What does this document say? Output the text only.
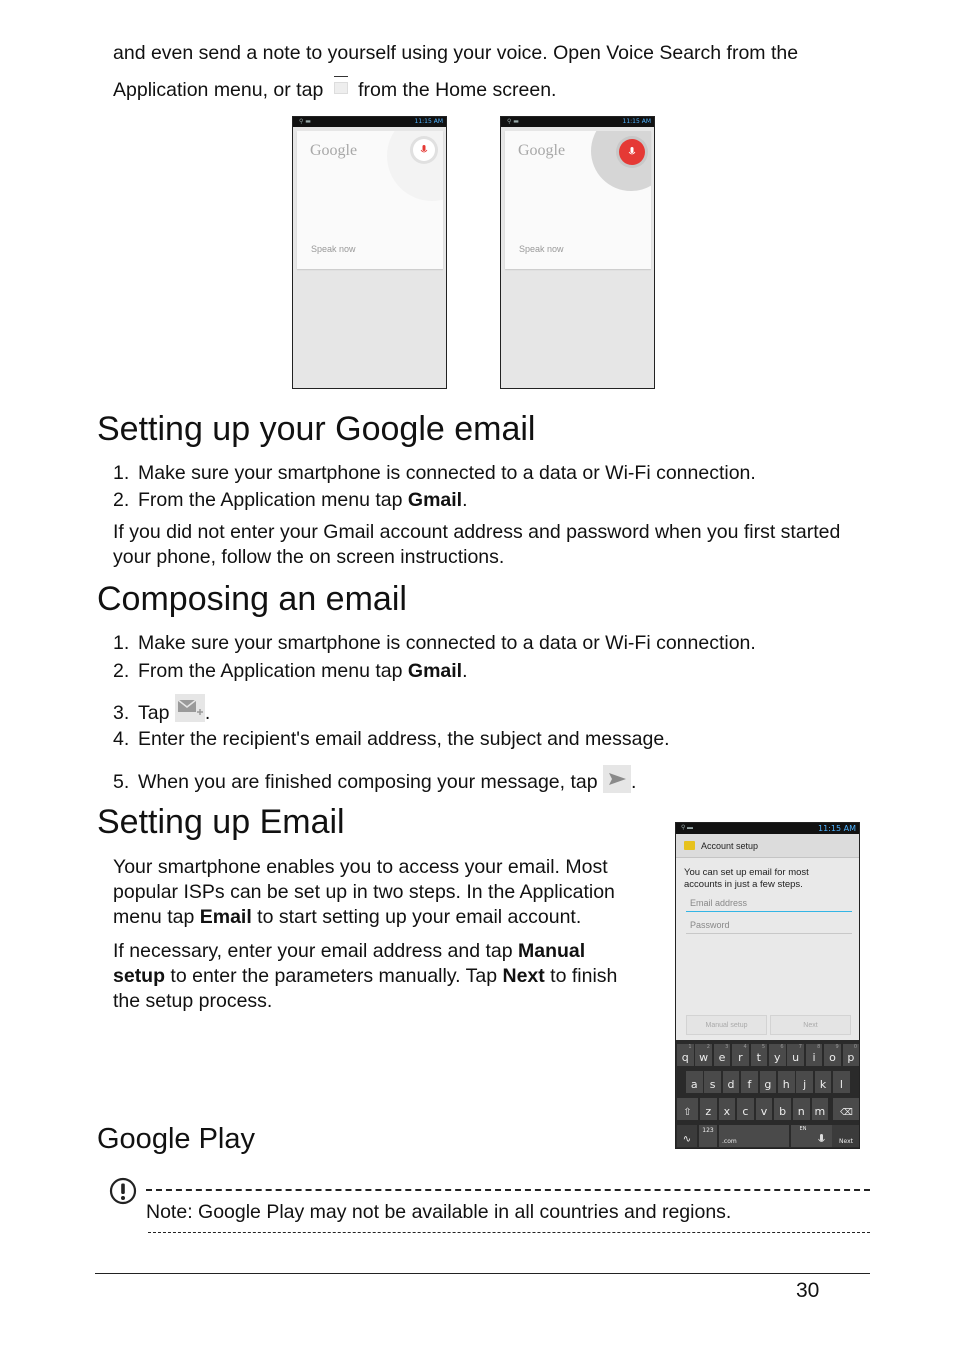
and even send a note to yourself using your voice. Open Voice Search from the
Application menu, or tap from the Home screen.
⚲ ▬	11:15 AM
Google
Speak now
⚲ ▬	11:15 AM
Google
Speak now
Setting up your Google email
1. Make sure your smartphone is connected to a data or Wi-Fi connection.
2. From the Application menu tap Gmail.
If you did not enter your Gmail account address and password when you first started
your phone, follow the on screen instructions.
Composing an email
1. Make sure your smartphone is connected to a data or Wi-Fi connection.
2. From the Application menu tap Gmail.
3. Tap .
4. Enter the recipient's email address, the subject and message.
5. When you are finished composing your message, tap .
Setting up Email
Your smartphone enables you to access your email. Most
popular ISPs can be set up in two steps. In the Application
menu tap Email to start setting up your email account.
If necessary, enter your email address and tap Manual
setup to enter the parameters manually. Tap Next to finish
the setup process.
⚲ ▬	11:15 AM
Account setup
You can set up email for most
accounts in just a few steps.
Email address
Password
Manual setup	Next
1
q
2
w
3
e
4
r
5
t
6
y
7
u
8
i
9
o
0
p
a	s	d	f	g	h	j	k	l
z	x	c	v	b	n m
⇧	⌫
∿
123
.com
EN
Next
Google Play
Note: Google Play may not be available in all countries and regions.
30
